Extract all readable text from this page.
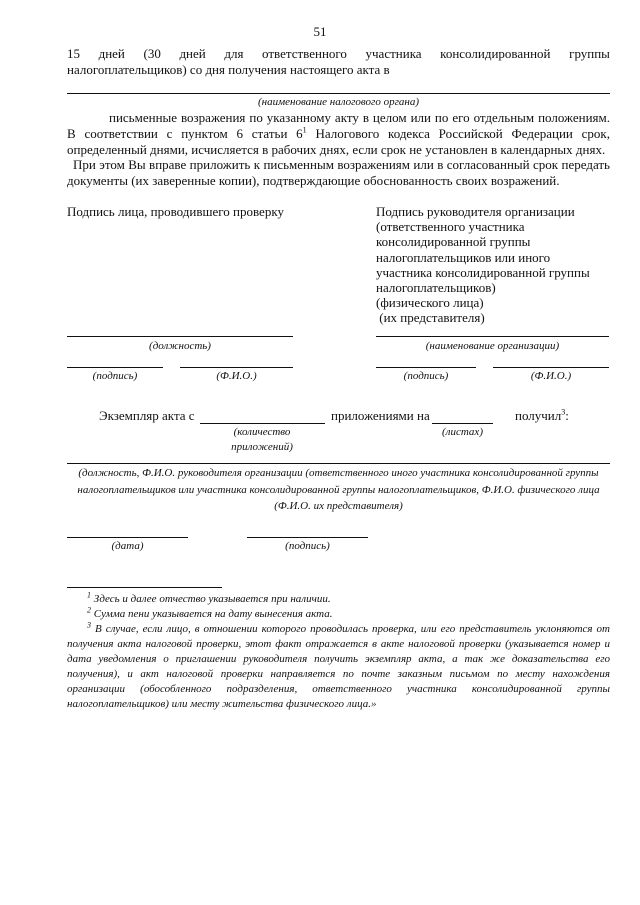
51
15 дней (30 дней для ответственного участника консолидированной группы
налогоплательщиков) со дня получения настоящего акта в
(наименование налогового органа)
письменные возражения по указанному акту в целом или по его отдельным положениям. В соответствии с пунктом 6 статьи $6^1$ Налогового кодекса Российской Федерации срок, определенный днями, исчисляется в рабочих днях, если срок не установлен в календарных днях.
При этом Вы вправе приложить к письменным возражениям или в согласованный срок передать документы (их заверенные копии), подтверждающие обоснованность своих возражений.
Подпись лица, проводившего проверку
(должность)
(подпись)	(Ф.И.О.)
Подпись руководителя организации
(ответственного участника
консолидированной группы
налогоплательщиков или иного
участника консолидированной группы
налогоплательщиков)
(физического лица)
(их представителя)
(наименование организации)
(подпись)	(Ф.И.О.)
Экземпляр акта с	приложениями на	получил$^3$:
(количество приложений)
(листах)
(должность, Ф.И.О. руководителя организации (ответственного иного участника консолидированной группы налогоплательщиков или участника консолидированной группы налогоплательщиков, Ф.И.О. физического лица (Ф.И.О. их представителя)
(дата)	(подпись)

$^1$ Здесь и далее отчество указывается при наличии.

$^2$ Сумма пени указывается на дату вынесения акта.

$^3$ В случае, если лицо, в отношении которого проводилась проверка, или его представитель уклоняются от получения акта налоговой проверки, этот факт отражается в акте налоговой проверки (указывается номер и дата уведомления о приглашении руководителя получить экземпляр акта, а так же доказательства его получения), и акт налоговой проверки направляется по почте заказным письмом по месту нахождения организации (обособленного подразделения, ответственного участника консолидированной группы налогоплательщиков) или месту жительства физического лица.»
